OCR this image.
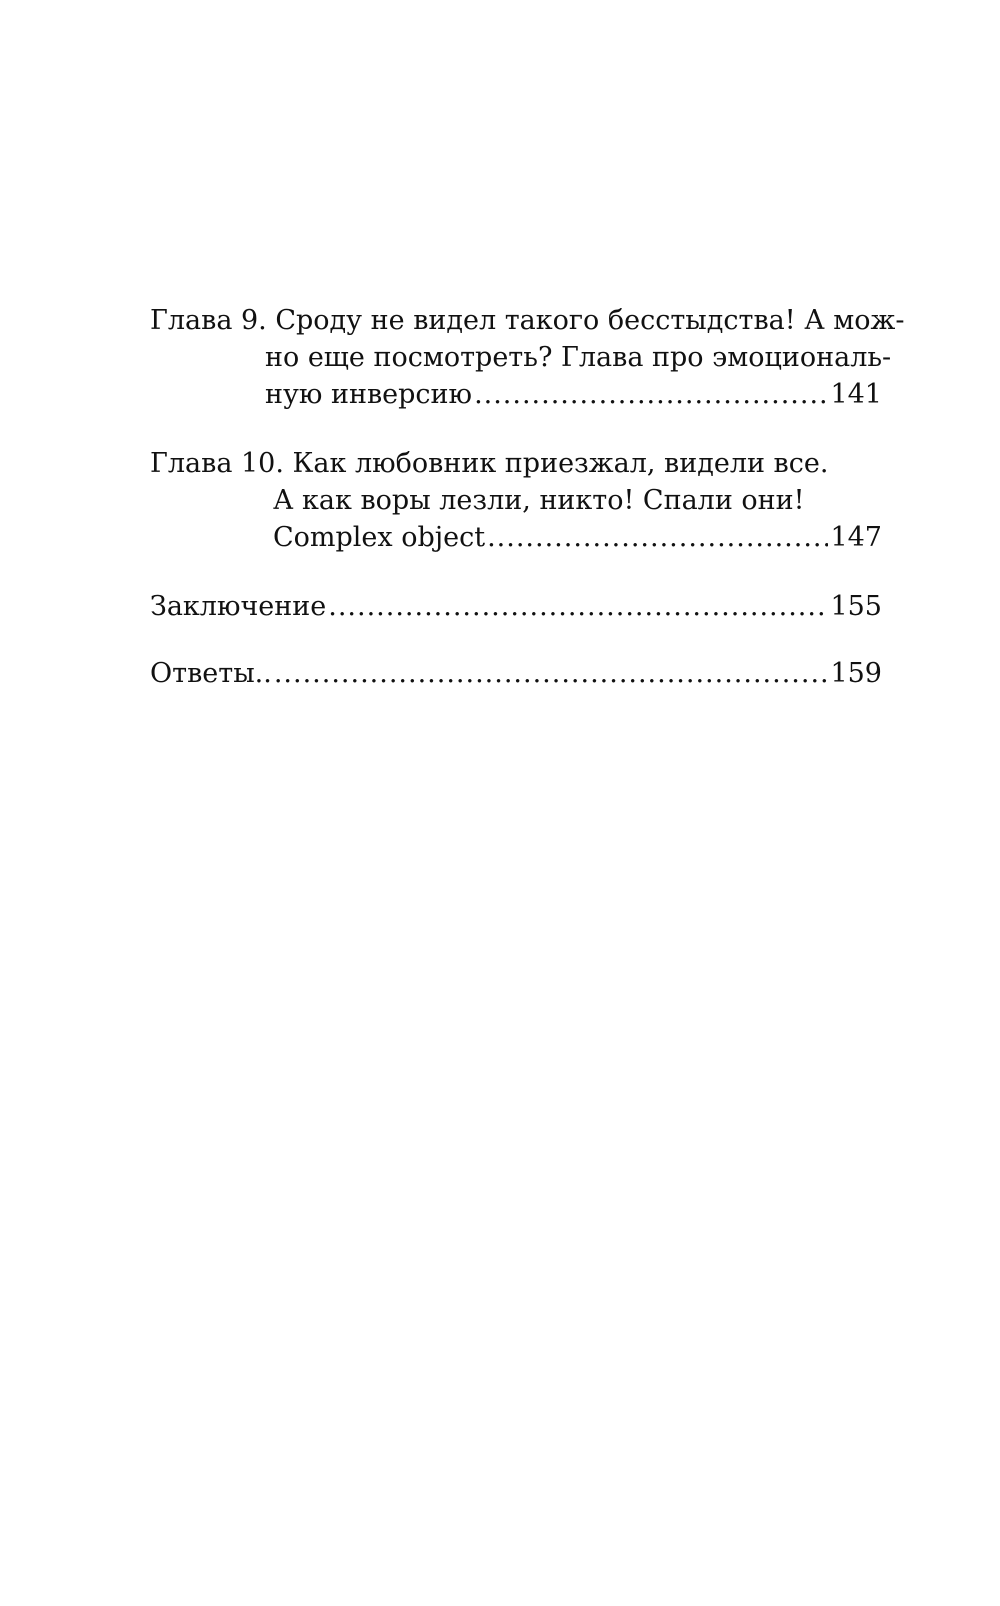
Глава 9. Сроду не видел такого бесстыдства! А мож-
но еще посмотреть? Глава про эмоциональ-
ную инверсию .....	141
Глава 10. Как любовник приезжал, видели все.
А как воры лезли, никто! Спали они!
Complex object .....	147
Заключение .....	155
Ответы.. .....	159
